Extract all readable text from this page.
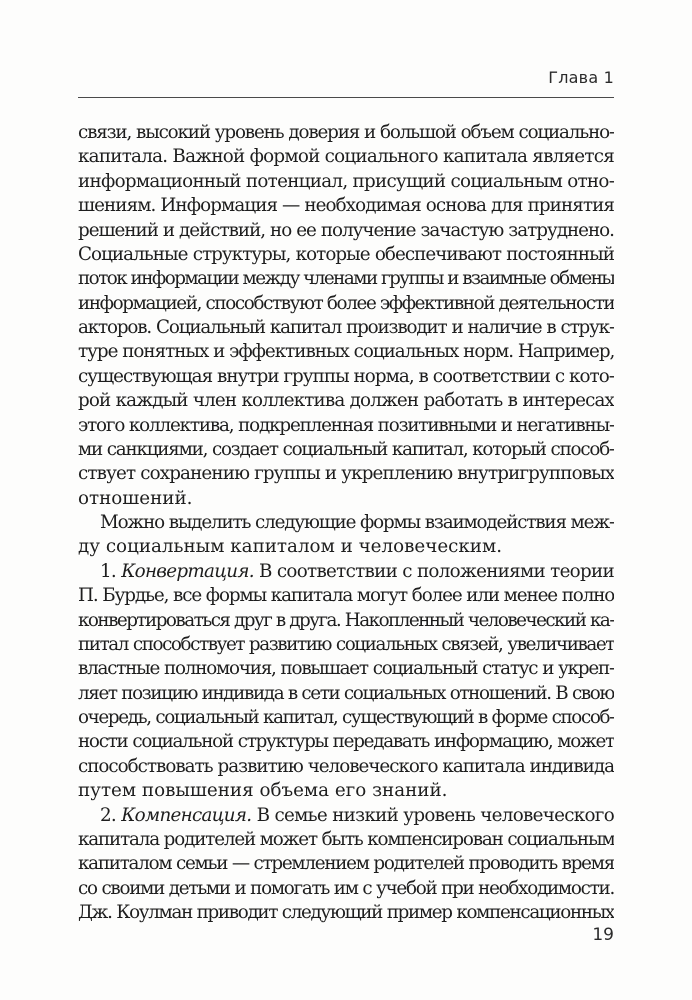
Глава 1
связи, высокий уровень доверия и большой объем социально-
капитала. Важной формой социального капитала является
информационный потенциал, присущий социальным отно-
шениям. Информация — необходимая основа для принятия
решений и действий, но ее получение зачастую затруднено.
Социальные структуры, которые обеспечивают постоянный
поток информации между членами группы и взаимные обмены
информацией, способствуют более эффективной деятельности
акторов. Социальный капитал производит и наличие в струк-
туре понятных и эффективных социальных норм. Например,
существующая внутри группы норма, в соответствии с кото-
рой каждый член коллектива должен работать в интересах
этого коллектива, подкрепленная позитивными и негативны-
ми санкциями, создает социальный капитал, который способ-
ствует сохранению группы и укреплению внутригрупповых
отношений.
Можно выделить следующие формы взаимодействия меж-
ду социальным капиталом и человеческим.
1. Конвертация. В соответствии с положениями теории
П. Бурдье, все формы капитала могут более или менее полно
конвертироваться друг в друга. Накопленный человеческий ка-
питал способствует развитию социальных связей, увеличивает
властные полномочия, повышает социальный статус и укреп-
ляет позицию индивида в сети социальных отношений. В свою
очередь, социальный капитал, существующий в форме способ-
ности социальной структуры передавать информацию, может
способствовать развитию человеческого капитала индивида
путем повышения объема его знаний.
2. Компенсация. В семье низкий уровень человеческого
капитала родителей может быть компенсирован социальным
капиталом семьи — стремлением родителей проводить время
со своими детьми и помогать им с учебой при необходимости.
Дж. Коулман приводит следующий пример компенсационных
19
